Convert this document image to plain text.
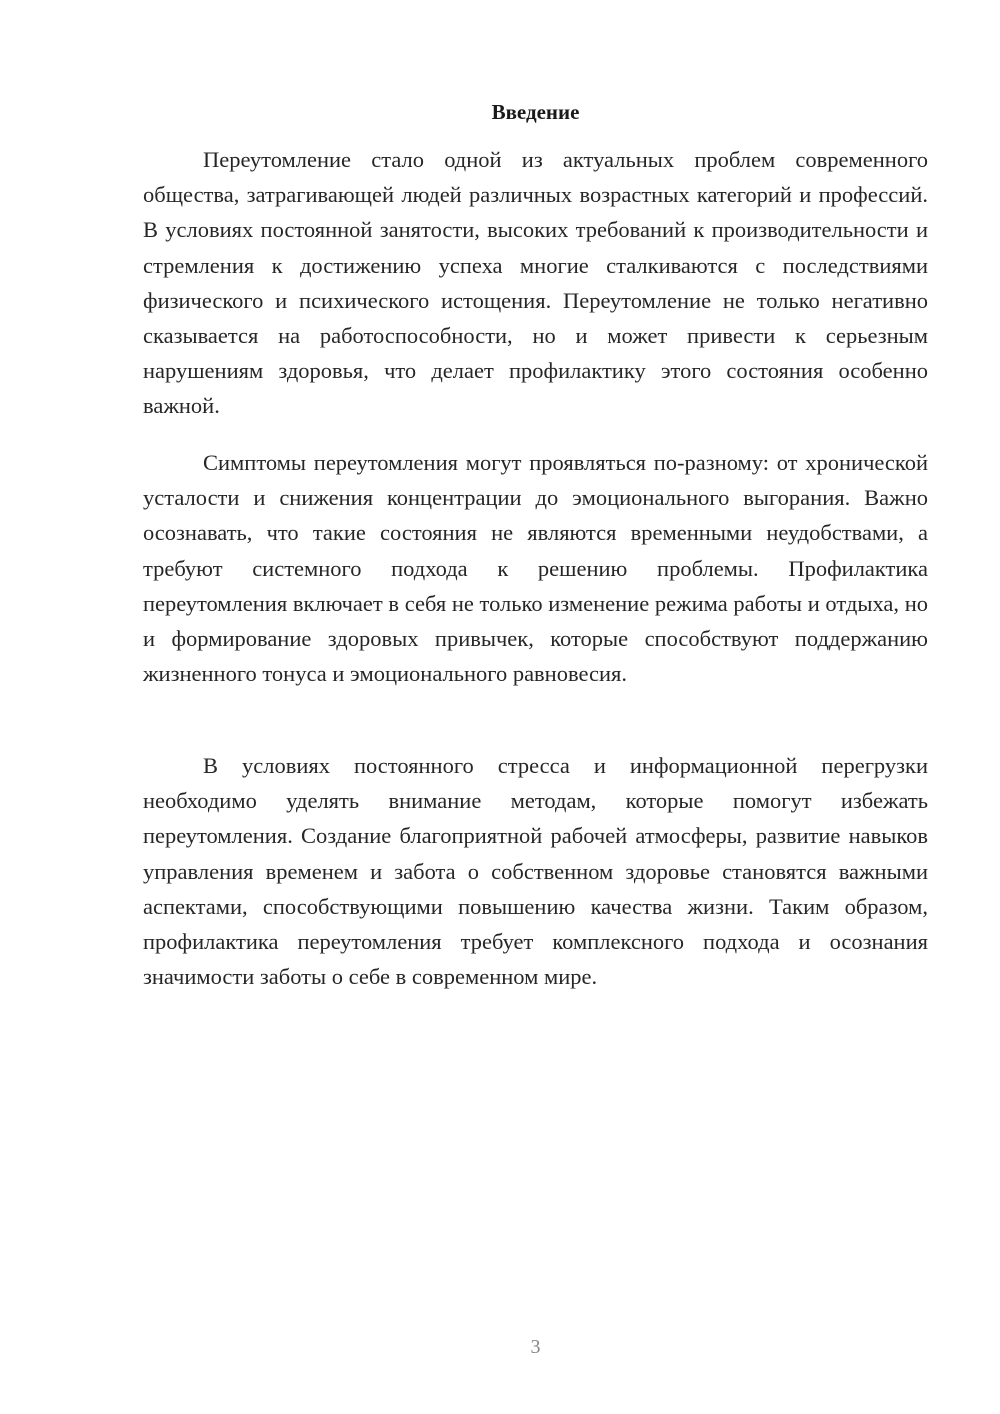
Введение

Переутомление стало одной из актуальных проблем современного общества, затрагивающей людей различных возрастных категорий и профессий. В условиях постоянной занятости, высоких требований к производительности и стремления к достижению успеха многие сталкиваются с последствиями физического и психического истощения. Переутомление не только негативно сказывается на работоспособности, но и может привести к серьезным нарушениям здоровья, что делает профилактику этого состояния особенно важной.

Симптомы переутомления могут проявляться по-разному: от хронической усталости и снижения концентрации до эмоционального выгорания. Важно осознавать, что такие состояния не являются временными неудобствами, а требуют системного подхода к решению проблемы. Профилактика переутомления включает в себя не только изменение режима работы и отдыха, но и формирование здоровых привычек, которые способствуют поддержанию жизненного тонуса и эмоционального равновесия.

В условиях постоянного стресса и информационной перегрузки необходимо уделять внимание методам, которые помогут избежать переутомления. Создание благоприятной рабочей атмосферы, развитие навыков управления временем и забота о собственном здоровье становятся важными аспектами, способствующими повышению качества жизни. Таким образом, профилактика переутомления требует комплексного подхода и осознания значимости заботы о себе в современном мире.

3
